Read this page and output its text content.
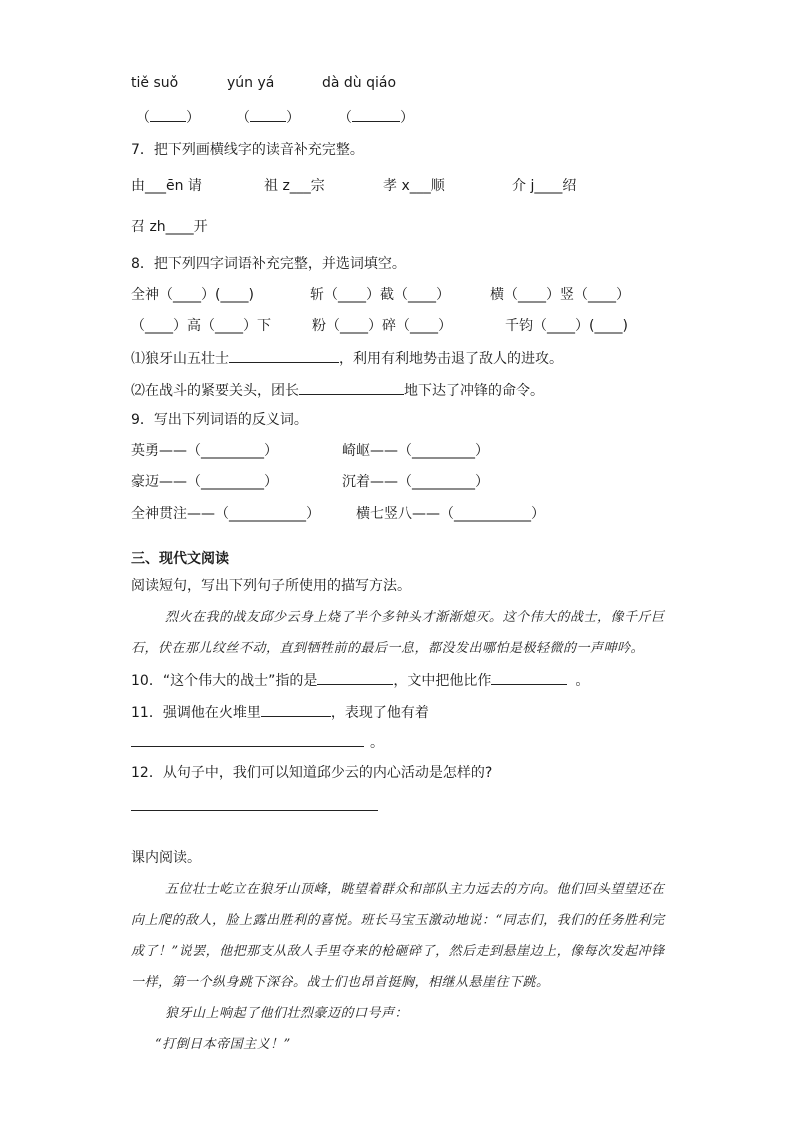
tiě suǒ	yún yá	dà dù qiáo
（	）	（	）	（	）
7．把下列画横线字的读音补充完整。
由___ēn 请	祖 z___宗	孝 x___顺	介 j____绍
召 zh____开
8．把下列四字词语补充完整，并选词填空。
全神（____）(____)	斩（____）截（____）	横（____）竖（____）
（____）高（____）下	粉（____）碎（____）	千钧（____）(____)
⑴狼牙山五壮士	，利用有利地势击退了敌人的进攻。
⑵在战斗的紧要关头，团长	地下达了冲锋的命令。
9．写出下列词语的反义词。
英勇——（_________）	崎岖——（_________）
豪迈——（_________）	沉着——（_________）
全神贯注——（___________）	横七竖八——（___________）
三、现代文阅读
阅读短句，写出下列句子所使用的描写方法。
烈火在我的战友邱少云身上烧了半个多钟头才渐渐熄灭。这个伟大的战士，像千斤巨石，伏在那儿纹丝不动，直到牺牲前的最后一息，都没发出哪怕是极轻微的一声呻吟。
10．“这个伟大的战士”指的是	，文中把他比作	。
11．强调他在火堆里	，表现了他有着
。
12．从句子中，我们可以知道邱少云的内心活动是怎样的?
课内阅读。
五位壮士屹立在狼牙山顶峰，眺望着群众和部队主力远去的方向。他们回头望望还在向上爬的敌人，脸上露出胜利的喜悦。班长马宝玉激动地说：“同志们，我们的任务胜利完成了！”说罢，他把那支从敌人手里夺来的枪砸碎了，然后走到悬崖边上，像每次发起冲锋一样，第一个纵身跳下深谷。战士们也昂首挺胸，相继从悬崖往下跳。
狼牙山上响起了他们壮烈豪迈的口号声：
“打倒日本帝国主义！”
